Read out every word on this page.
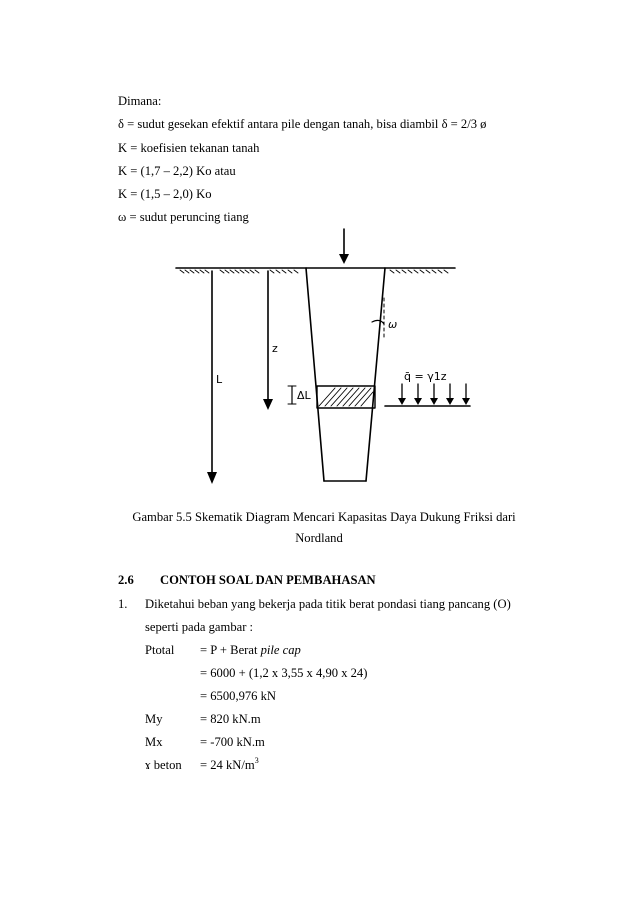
Dimana:
δ = sudut gesekan efektif antara pile dengan tanah, bisa diambil δ = 2/3 ø
K = koefisien tekanan tanah
K = (1,7 – 2,2) Ko atau
K = (1,5 – 2,0) Ko
ω = sudut peruncing tiang
z
L
ΔL
ω
q̄ = γ1z
Gambar 5.5 Skematik Diagram Mencari Kapasitas Daya Dukung Friksi dari
Nordland
2.6 CONTOH SOAL DAN PEMBAHASAN
1. Diketahui beban yang bekerja pada titik berat pondasi tiang pancang (O)
seperti pada gambar :
Ptotal = P + Berat pile cap
= 6000 + (1,2 x 3,55 x 4,90 x 24)
= 6500,976 kN
My	= 820 kN.m
Mx	= -700 kN.m
ɤ beton = 24 $kN/m^3$
